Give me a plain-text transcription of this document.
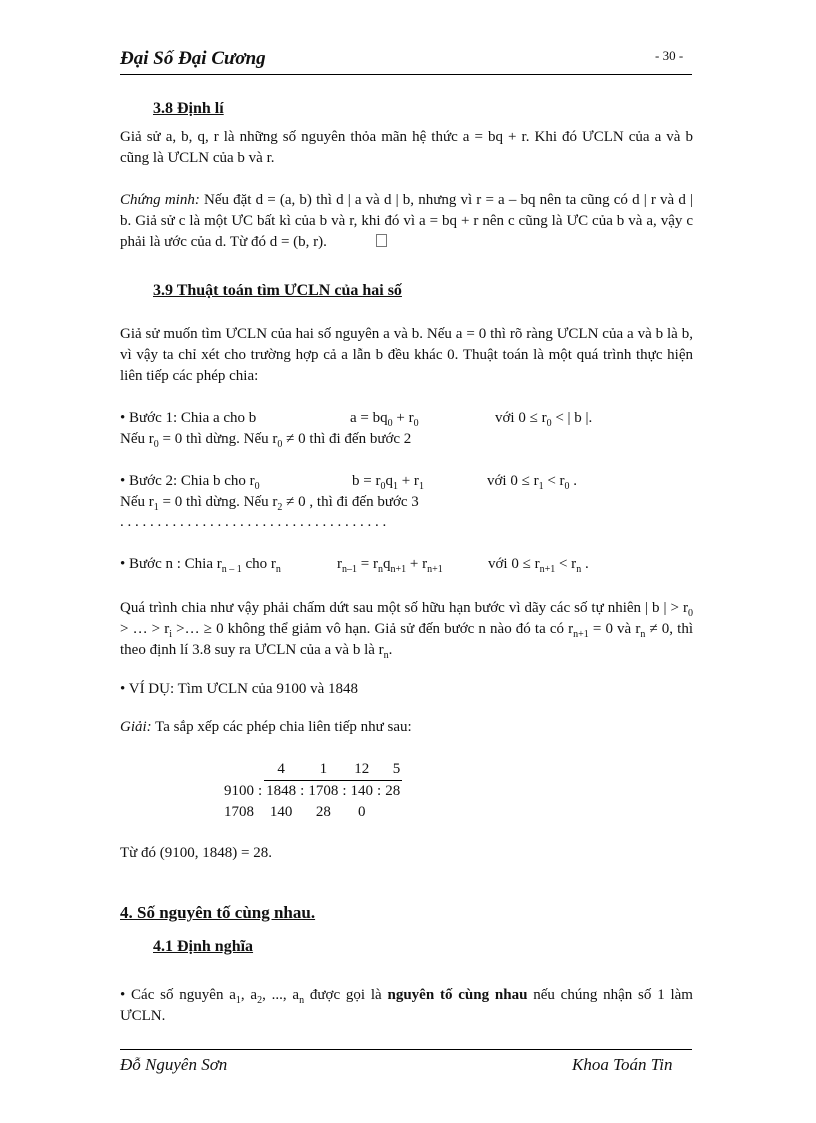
Đại Số Đại Cương	- 30 -
3.8 Định lí
Giả sử a, b, q, r là những số nguyên thỏa mãn hệ thức a = bq + r. Khi đó ƯCLN của a và b cũng là ƯCLN của b và r.
Chứng minh: Nếu đặt d = (a, b) thì d | a và d | b, nhưng vì r = a – bq nên ta cũng có d | r và d | b. Giả sử c là một ƯC bất kì của b và r, khi đó vì a = bq + r nên c cũng là ƯC của b và a, vậy c phải là ước của d. Từ đó d = (b, r).
3.9 Thuật toán tìm ƯCLN của hai số
Giả sử muốn tìm ƯCLN của hai số nguyên a và b. Nếu a = 0 thì rõ ràng ƯCLN của a và b là b, vì vậy ta chỉ xét cho trường hợp cả a lẫn b đều khác 0. Thuật toán là một quá trình thực hiện liên tiếp các phép chia:
• Bước 1: Chia a cho b	$a = bq_0 + r_0$	với $0 \le r_0$ < | b |.
Nếu $r_0 = 0$ thì dừng. Nếu $r_0 \ne 0$ thì đi đến bước 2
• Bước 2: Chia b cho $r_0$	$b = r_0q_1 + r_1$	với $0 \le r_1 < r_0$ .
Nếu $r_1 = 0$ thì dừng. Nếu $r_2 \ne 0$ , thì đi đến bước 3
. . . . . . . . . . . . . . . . . . . . . . . . . . . . . . . . . . . .
• Bước n : Chia $r_{n - 1}$ cho $r_n$	$r_{n-1} = r_nq_{n+1} + r_{n+1}$	với $0 \le r_{n+1} < r_n$ .
Quá trình chia như vậy phải chấm dứt sau một số hữu hạn bước vì dãy các số tự nhiên | b | > $r_0$ > … > $r_i$ >… ≥ 0 không thể giảm vô hạn. Giả sử đến bước n nào đó ta có $r_{n+1} = 0$ và $r_n \ne 0$, thì theo định lí 3.8 suy ra ƯCLN của a và b là $r_n$.
• VÍ DỤ: Tìm ƯCLN của 9100 và 1848
Giải: Ta sắp xếp các phép chia liên tiếp như sau:
		4		1		12		5
9100	:	1848	:	1708	:	140	:	28
1708		140		28		0		
Từ đó (9100, 1848) = 28.
4. Số nguyên tố cùng nhau.
4.1 Định nghĩa
• Các số nguyên $a_1$, $a_2$, ..., $a_n$ được gọi là nguyên tố cùng nhau nếu chúng nhận số 1 làm ƯCLN.
Đỗ Nguyên Sơn	Khoa Toán Tin
